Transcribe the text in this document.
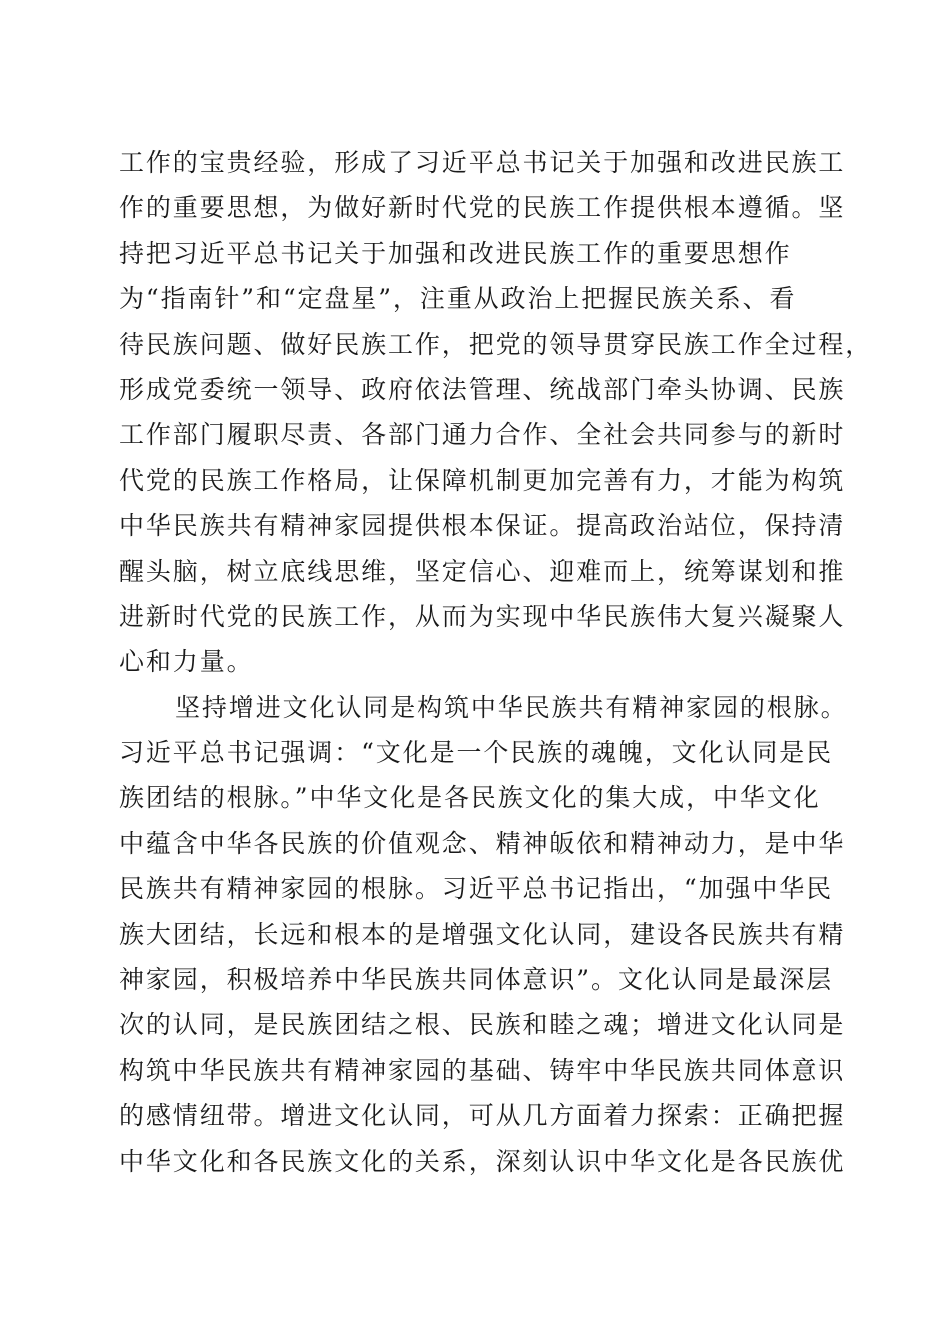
工作的宝贵经验，形成了习近平总书记关于加强和改进民族工
作的重要思想，为做好新时代党的民族工作提供根本遵循。坚
持把习近平总书记关于加强和改进民族工作的重要思想作
为“指南针”和“定盘星”，注重从政治上把握民族关系、看
待民族问题、做好民族工作，把党的领导贯穿民族工作全过程，
形成党委统一领导、政府依法管理、统战部门牵头协调、民族
工作部门履职尽责、各部门通力合作、全社会共同参与的新时
代党的民族工作格局，让保障机制更加完善有力，才能为构筑
中华民族共有精神家园提供根本保证。提高政治站位，保持清
醒头脑，树立底线思维，坚定信心、迎难而上，统筹谋划和推
进新时代党的民族工作，从而为实现中华民族伟大复兴凝聚人
心和力量。
坚持增进文化认同是构筑中华民族共有精神家园的根脉。
习近平总书记强调：“文化是一个民族的魂魄，文化认同是民
族团结的根脉。”中华文化是各民族文化的集大成，中华文化
中蕴含中华各民族的价值观念、精神皈依和精神动力，是中华
民族共有精神家园的根脉。习近平总书记指出，“加强中华民
族大团结，长远和根本的是增强文化认同，建设各民族共有精
神家园，积极培养中华民族共同体意识”。文化认同是最深层
次的认同，是民族团结之根、民族和睦之魂；增进文化认同是
构筑中华民族共有精神家园的基础、铸牢中华民族共同体意识
的感情纽带。增进文化认同，可从几方面着力探索：正确把握
中华文化和各民族文化的关系，深刻认识中华文化是各民族优
